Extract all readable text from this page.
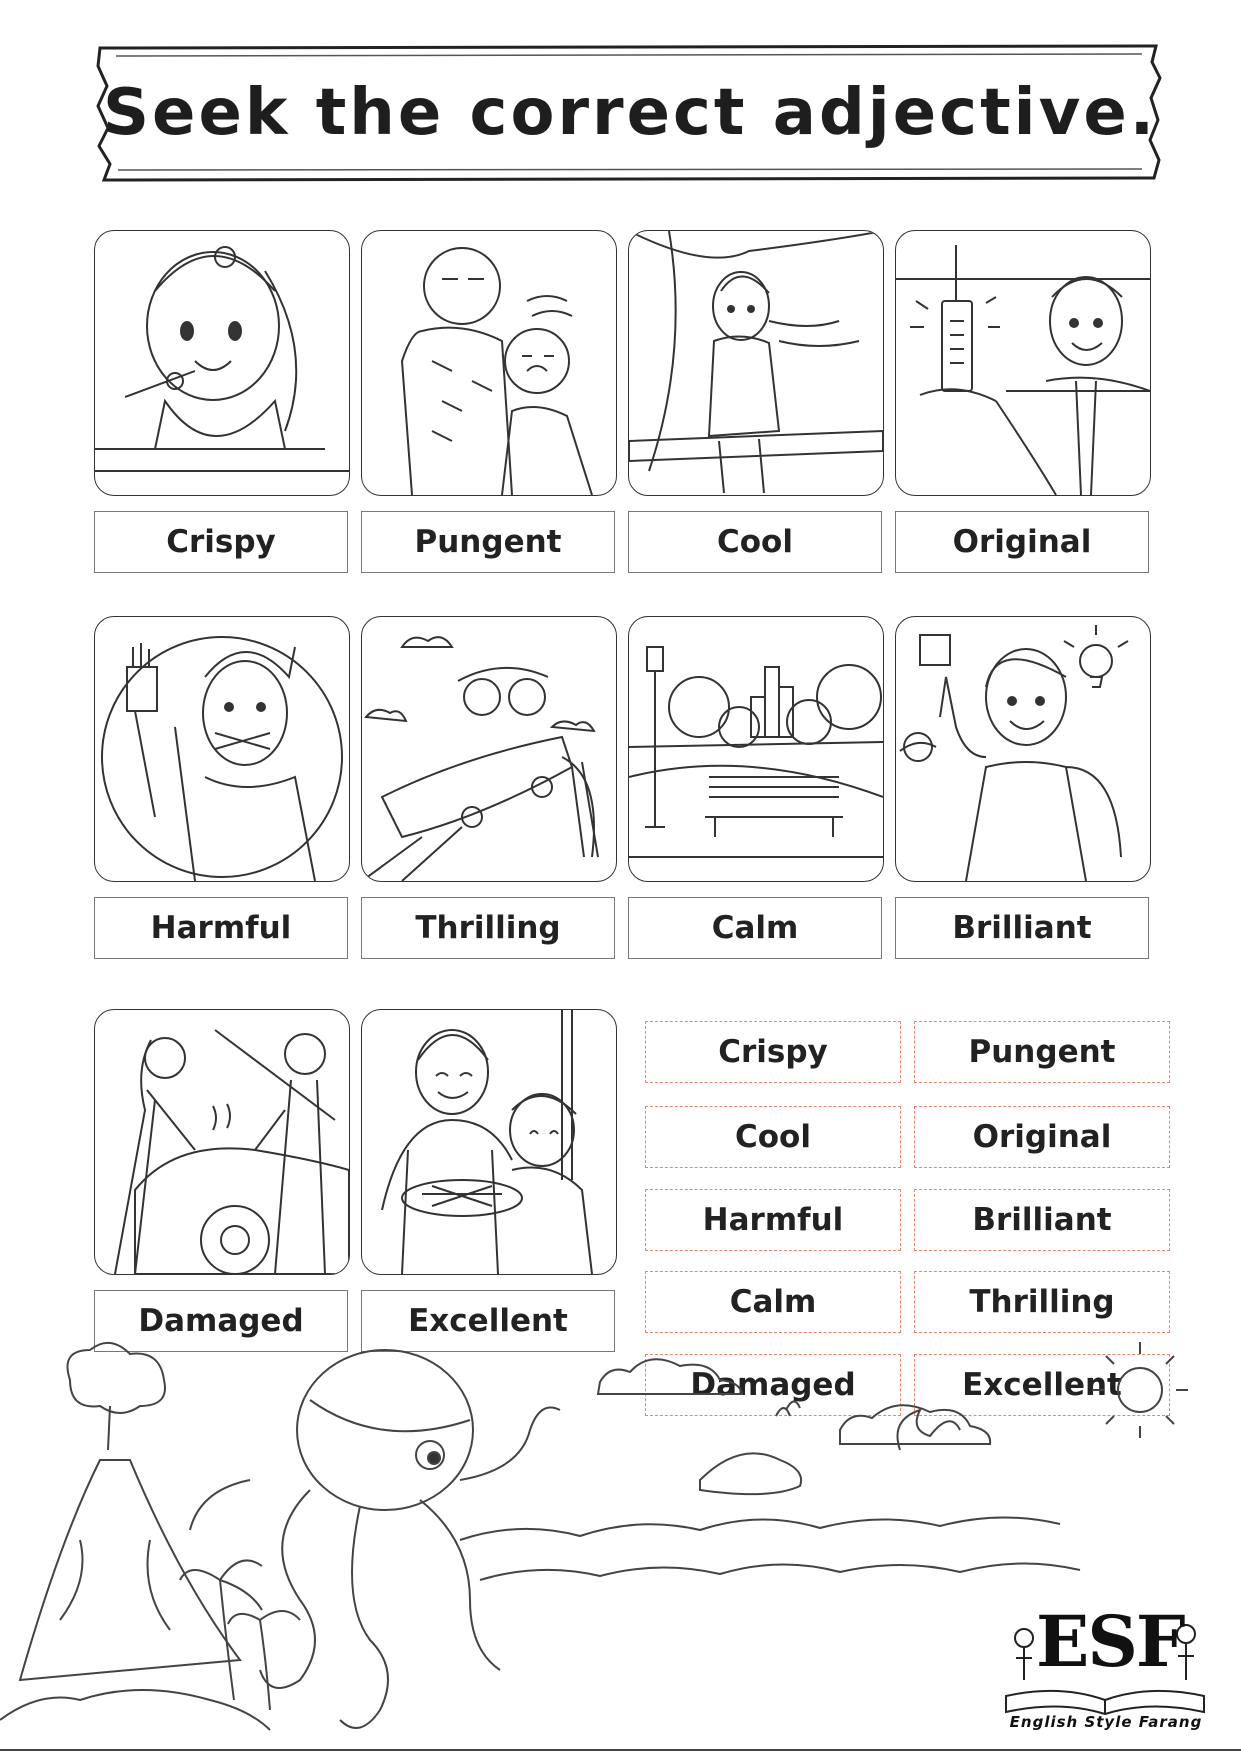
Seek the correct adjective.
Crispy	Pungent	Cool	Original
Harmful	Thrilling	Calm	Brilliant
Damaged	Excellent
Crispy	Pungent
Cool	Original
Harmful	Brilliant
Calm	Thrilling
Damaged	Excellent
ESF
English Style Farang
